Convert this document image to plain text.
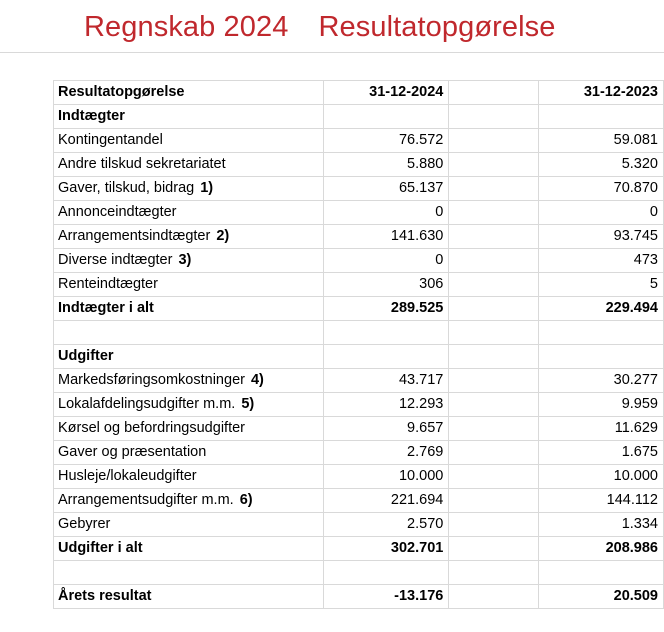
Regnskab 2024 Resultatopgørelse
Resultatopgørelse	31-12-2024		31-12-2023
Indtægter			
Kontingentandel	76.572		59.081
Andre tilskud sekretariatet	5.880		5.320
Gaver, tilskud, bidrag 1)	65.137		70.870
Annonceindtægter	0		0
Arrangementsindtægter 2)	141.630		93.745
Diverse indtægter 3)	0		473
Renteindtægter	306		5
Indtægter i alt	289.525		229.494

Udgifter			
Markedsføringsomkostninger 4)	43.717		30.277
Lokalafdelingsudgifter m.m. 5)	12.293		9.959
Kørsel og befordringsudgifter	9.657		11.629
Gaver og præsentation	2.769		1.675
Husleje/lokaleudgifter	10.000		10.000
Arrangementsudgifter m.m. 6)	221.694		144.112
Gebyrer	2.570		1.334
Udgifter i alt	302.701		208.986

Årets resultat	-13.176		20.509
